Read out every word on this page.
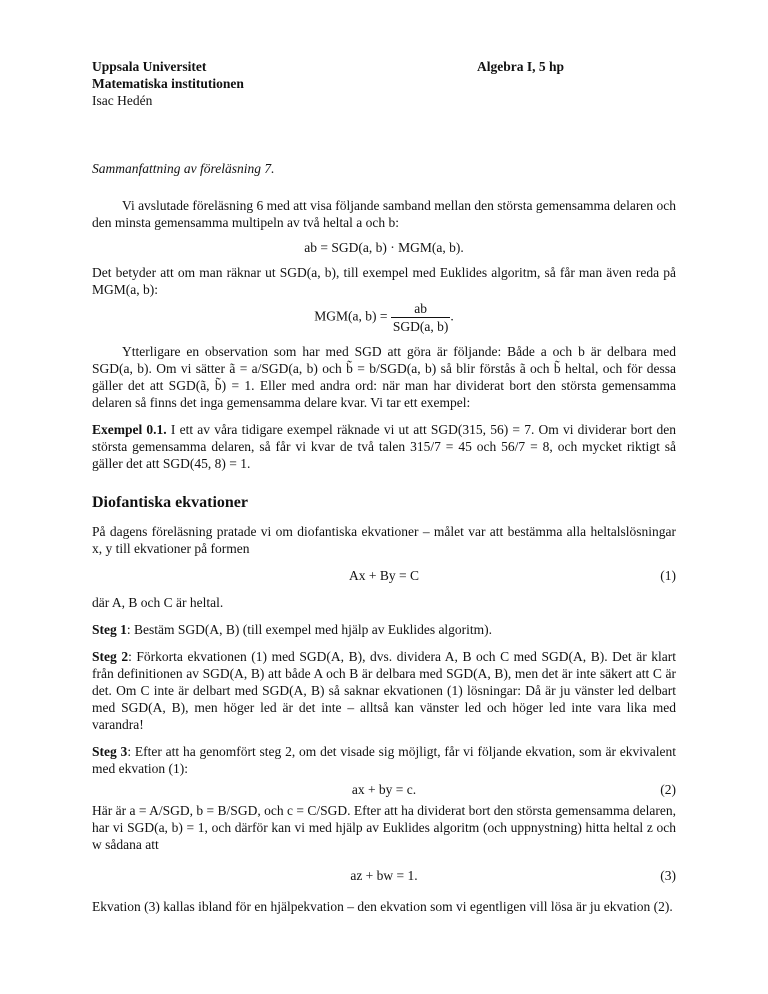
Uppsala Universitet
Matematiska institutionen
Isac Hedén
Algebra I, 5 hp
Sammanfattning av föreläsning 7.

Vi avslutade föreläsning 6 med att visa följande samband mellan den största gemensamma delaren och den minsta gemensamma multipeln av två heltal a och b:

ab = SGD(a, b) · MGM(a, b).

Det betyder att om man räknar ut SGD(a, b), till exempel med Euklides algoritm, så får man även reda på MGM(a, b):

MGM(a, $b) = \frac{ab}{\text{SGD(a, b)}}$ .

Ytterligare en observation som har med SGD att göra är följande: Både a och b är delbara med SGD(a, b). Om vi sätter ã = a/SGD(a, b) och b̃ = b/SGD(a, b) så blir förstås ã och b̃ heltal, och för dessa gäller det att SGD(ã, b̃) = 1. Eller med andra ord: när man har dividerat bort den största gemensamma delaren så finns det inga gemensamma delare kvar. Vi tar ett exempel:

Exempel 0.1. I ett av våra tidigare exempel räknade vi ut att SGD(315, 56) = 7. Om vi dividerar bort den största gemensamma delaren, så får vi kvar de två talen 315/7 = 45 och 56/7 = 8, och mycket riktigt så gäller det att SGD(45, 8) = 1.

Diofantiska ekvationer

På dagens föreläsning pratade vi om diofantiska ekvationer – målet var att bestämma alla heltalslösningar x, y till ekvationer på formen

Ax + By = C	(1)

där A, B och C är heltal.

Steg 1: Bestäm SGD(A, B) (till exempel med hjälp av Euklides algoritm).

Steg 2: Förkorta ekvationen (1) med SGD(A, B), dvs. dividera A, B och C med SGD(A, B). Det är klart från definitionen av SGD(A, B) att både A och B är delbara med SGD(A, B), men det är inte säkert att C är det. Om C inte är delbart med SGD(A, B) så saknar ekvationen (1) lösningar: Då är ju vänster led delbart med SGD(A, B), men höger led är det inte – alltså kan vänster led och höger led inte vara lika med varandra!

Steg 3: Efter att ha genomfört steg 2, om det visade sig möjligt, får vi följande ekvation, som är ekvivalent med ekvation (1):

ax + by = c.	(2)

Här är a = A/SGD, b = B/SGD, och c = C/SGD. Efter att ha dividerat bort den största gemensamma delaren, har vi SGD(a, b) = 1, och därför kan vi med hjälp av Euklides algoritm (och uppnystning) hitta heltal z och w sådana att

az + bw = 1.	(3)

Ekvation (3) kallas ibland för en hjälpekvation – den ekvation som vi egentligen vill lösa är ju ekvation (2).
